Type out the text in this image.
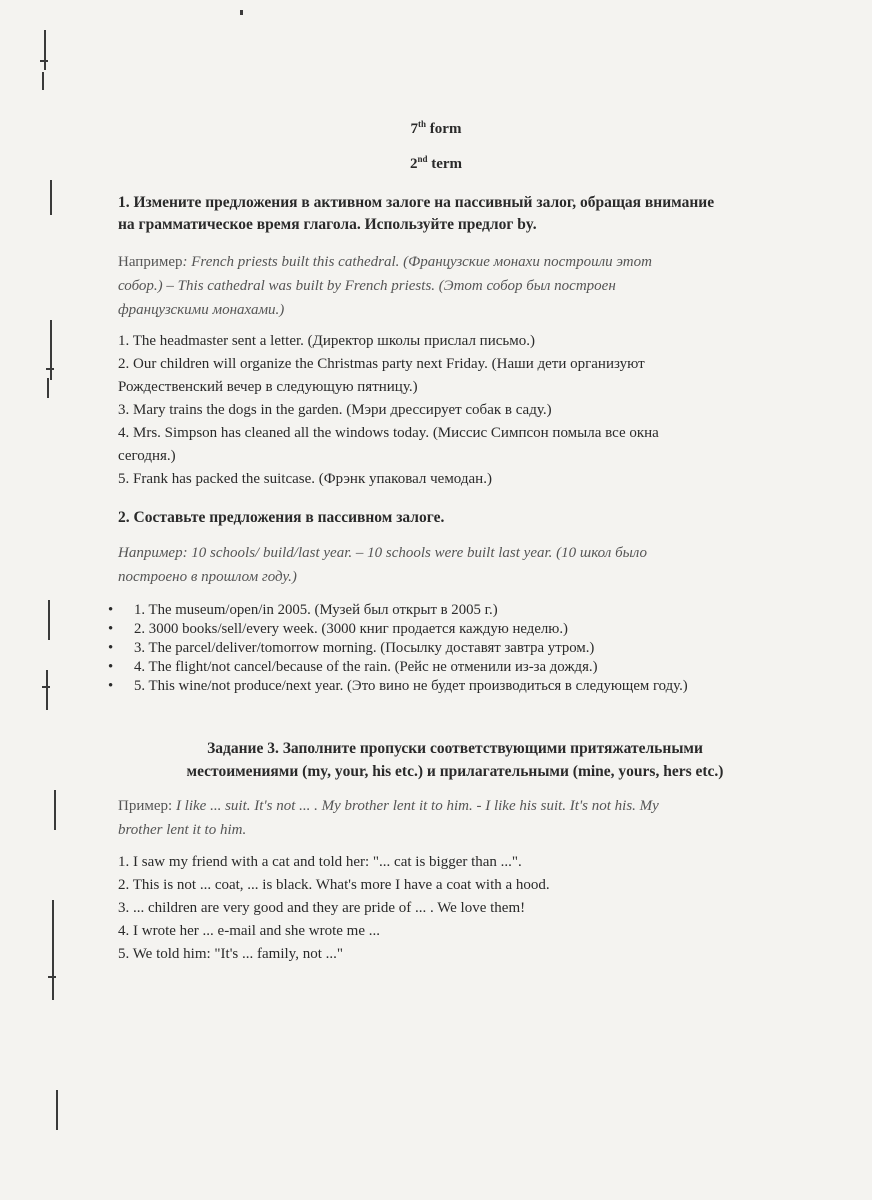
7th form
2nd term
1. Измените предложения в активном залоге на пассивный залог, обращая внимание
на грамматическое время глагола. Используйте предлог by.
Например: French priests built this cathedral. (Французские монахи построили этот
собор.) – This cathedral was built by French priests. (Этот собор был построен
французскими монахами.)
1. The headmaster sent a letter. (Директор школы прислал письмо.)
2. Our children will organize the Christmas party next Friday. (Наши дети организуют
Рождественский вечер в следующую пятницу.)
3. Mary trains the dogs in the garden. (Мэри дрессирует собак в саду.)
4. Mrs. Simpson has cleaned all the windows today. (Миссис Симпсон помыла все окна
сегодня.)
5. Frank has packed the suitcase. (Фрэнк упаковал чемодан.)
2. Составьте предложения в пассивном залоге.
Например: 10 schools/ build/last year. – 10 schools were built last year. (10 школ было
построено в прошлом году.)
• 1. The museum/open/in 2005. (Музей был открыт в 2005 г.)
• 2. 3000 books/sell/every week. (3000 книг продается каждую неделю.)
• 3. The parcel/deliver/tomorrow morning. (Посылку доставят завтра утром.)
• 4. The flight/not cancel/because of the rain. (Рейс не отменили из-за дождя.)
• 5. This wine/not produce/next year. (Это вино не будет производиться в следующем году.)
Задание 3. Заполните пропуски соответствующими притяжательными
местоимениями (my, your, his etc.) и прилагательными (mine, yours, hers etc.)
Пример: I like ... suit. It's not ... . My brother lent it to him. - I like his suit. It's not his. My
brother lent it to him.
1. I saw my friend with a cat and told her: "... cat is bigger than ...".
2. This is not ... coat, ... is black. What's more I have a coat with a hood.
3. ... children are very good and they are pride of ... . We love them!
4. I wrote her ... e-mail and she wrote me ...
5. We told him: "It's ... family, not ..."
